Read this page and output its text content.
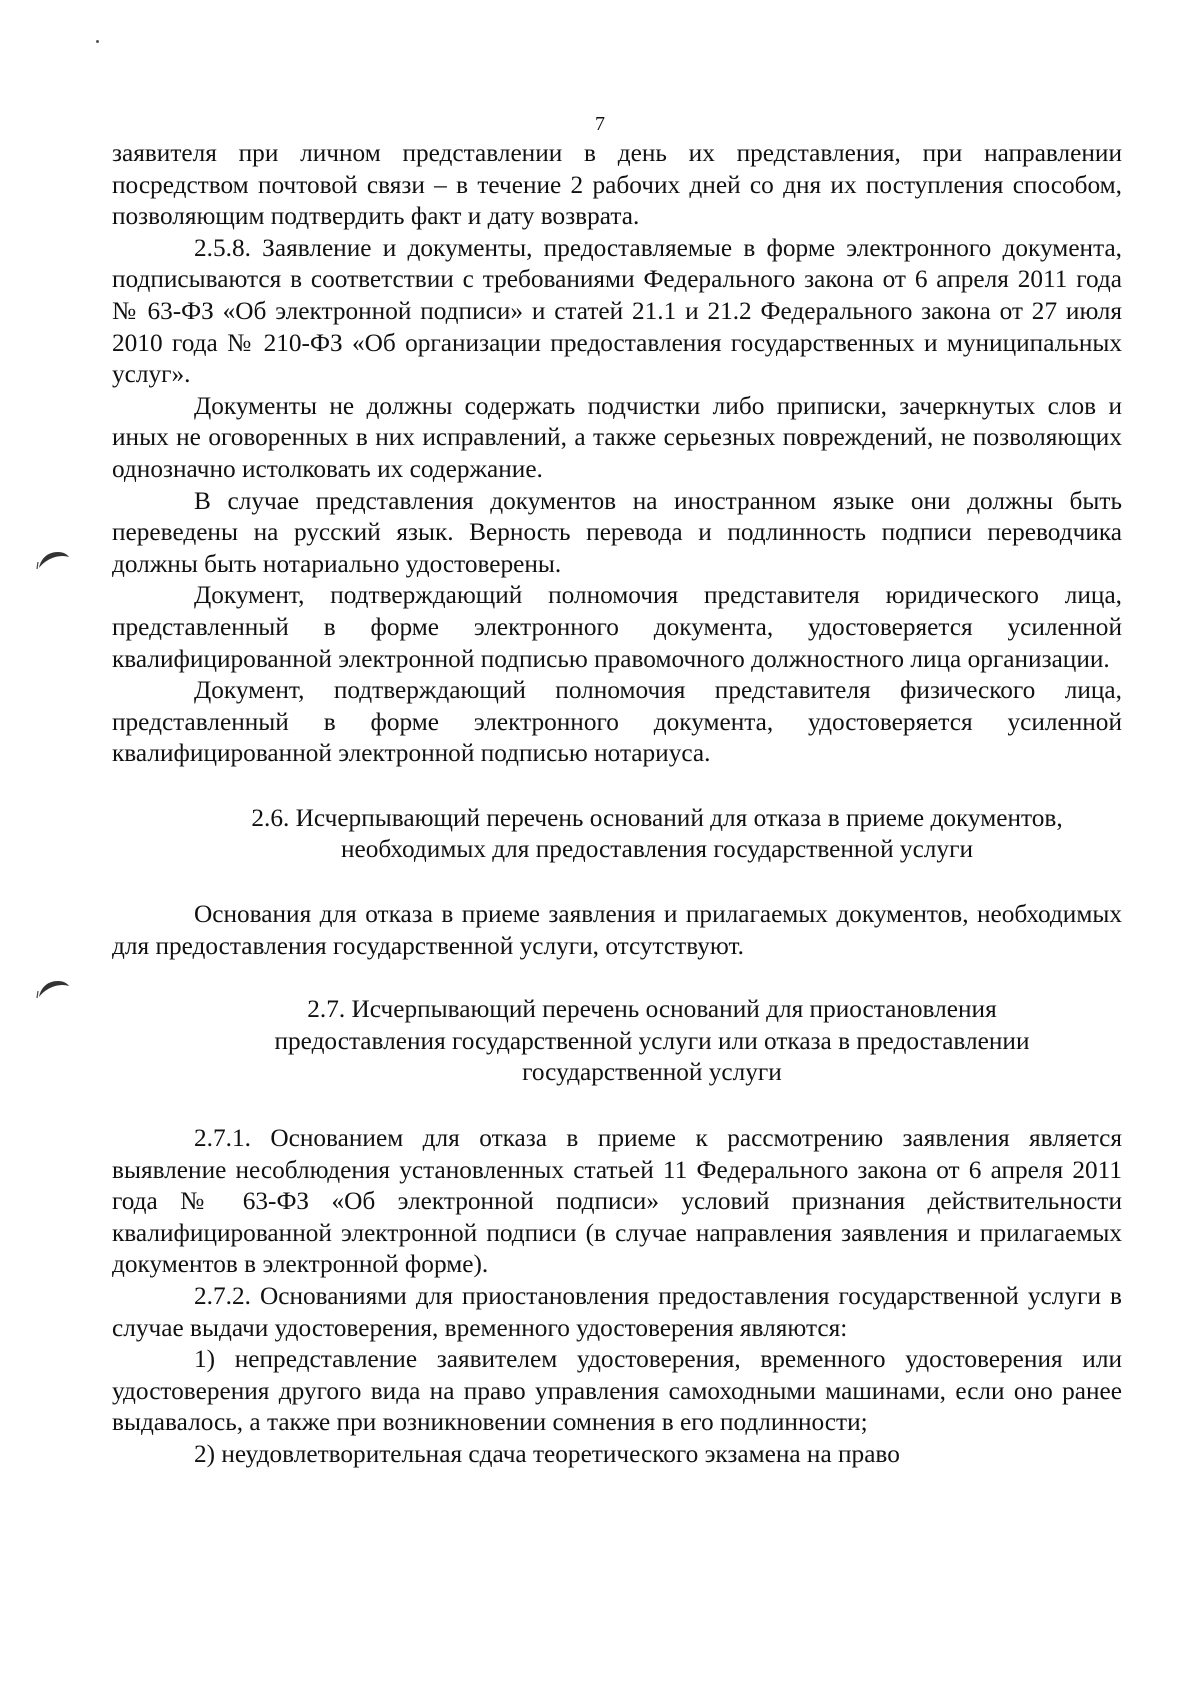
7

заявителя при личном представлении в день их представления, при направлении посредством почтовой связи – в течение 2 рабочих дней со дня их поступления способом, позволяющим подтвердить факт и дату возврата.

2.5.8. Заявление и документы, предоставляемые в форме электронного документа, подписываются в соответствии с требованиями Федерального закона от 6 апреля 2011 года № 63-ФЗ «Об электронной подписи» и статей 21.1 и 21.2 Федерального закона от 27 июля 2010 года № 210-ФЗ «Об организации предоставления государственных и муниципальных услуг».

Документы не должны содержать подчистки либо приписки, зачеркнутых слов и иных не оговоренных в них исправлений, а также серьезных повреждений, не позволяющих однозначно истолковать их содержание.

В случае представления документов на иностранном языке они должны быть переведены на русский язык. Верность перевода и подлинность подписи переводчика должны быть нотариально удостоверены.

Документ, подтверждающий полномочия представителя юридического лица, представленный в форме электронного документа, удостоверяется усиленной квалифицированной электронной подписью правомочного должностного лица организации.

Документ, подтверждающий полномочия представителя физического лица, представленный в форме электронного документа, удостоверяется усиленной квалифицированной электронной подписью нотариуса.

2.6. Исчерпывающий перечень оснований для отказа в приеме документов,
необходимых для предоставления государственной услуги

Основания для отказа в приеме заявления и прилагаемых документов, необходимых для предоставления государственной услуги, отсутствуют.

2.7. Исчерпывающий перечень оснований для приостановления
предоставления государственной услуги или отказа в предоставлении
государственной услуги

2.7.1. Основанием для отказа в приеме к рассмотрению заявления является выявление несоблюдения установленных статьей 11 Федерального закона от 6 апреля 2011 года № 63-ФЗ «Об электронной подписи» условий признания действительности квалифицированной электронной подписи (в случае направления заявления и прилагаемых документов в электронной форме).

2.7.2. Основаниями для приостановления предоставления государственной услуги в случае выдачи удостоверения, временного удостоверения являются:

1) непредставление заявителем удостоверения, временного удостоверения или удостоверения другого вида на право управления самоходными машинами, если оно ранее выдавалось, а также при возникновении сомнения в его подлинности;

2) неудовлетворительная сдача теоретического экзамена на право
